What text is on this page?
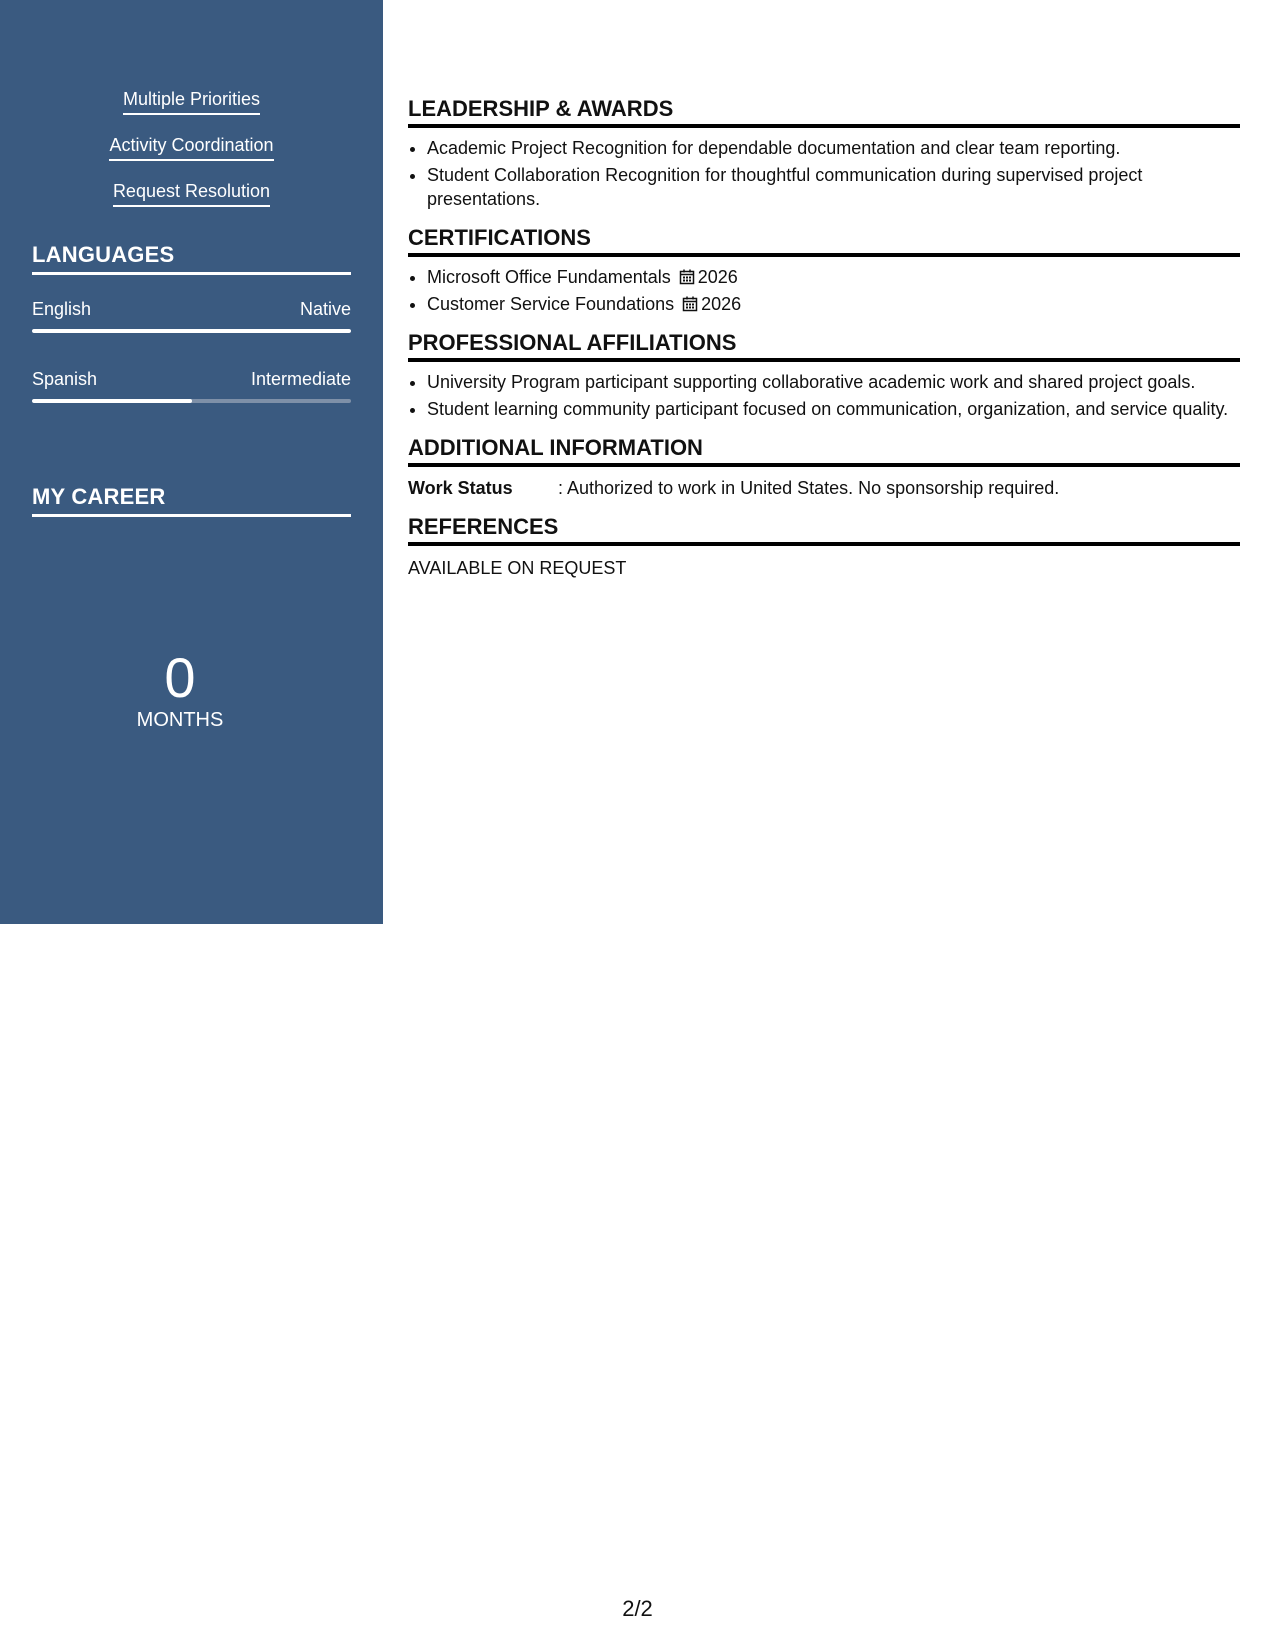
Multiple Priorities
Activity Coordination
Request Resolution
LANGUAGES
English	Native
Spanish	Intermediate
MY CAREER
0
MONTHS
LEADERSHIP & AWARDS
• Academic Project Recognition for dependable documentation and clear team reporting.
• Student Collaboration Recognition for thoughtful communication during supervised project presentations.
CERTIFICATIONS
• Microsoft Office Fundamentals 2026
• Customer Service Foundations 2026
PROFESSIONAL AFFILIATIONS
• University Program participant supporting collaborative academic work and shared project goals.
• Student learning community participant focused on communication, organization, and service quality.
ADDITIONAL INFORMATION
Work Status	: Authorized to work in United States. No sponsorship required.
REFERENCES
AVAILABLE ON REQUEST
2/2
